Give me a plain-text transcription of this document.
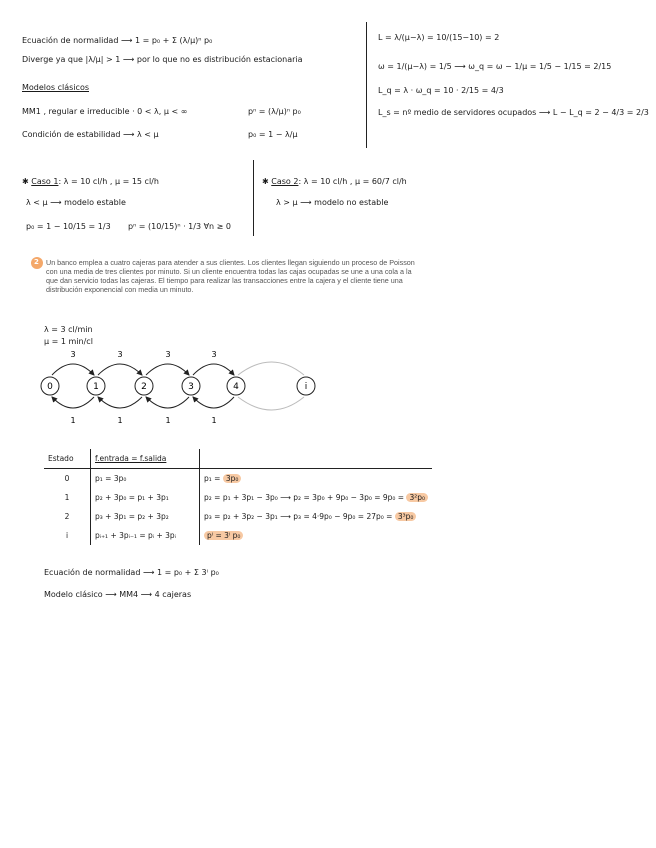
Ecuación de normalidad ⟶ 1 = p₀ + Σ (λ/μ)ⁿ p₀
Diverge ya que |λ/μ| > 1 ⟶ por lo que no es distribución estacionaria
Modelos clásicos
MM1 , regular e irreducible · 0 < λ, μ < ∞	pⁿ = (λ/μ)ⁿ p₀
Condición de estabilidad ⟶ λ < μ	p₀ = 1 − λ/μ
L = λ/(μ−λ) = 10/(15−10) = 2
ω = 1/(μ−λ) = 1/5 ⟶ ω_q = ω − 1/μ = 1/5 − 1/15 = 2/15
L_q = λ · ω_q = 10 · 2/15 = 4/3
L_s = nº medio de servidores ocupados ⟶ L − L_q = 2 − 4/3 = 2/3
✱ Caso 1: λ = 10 cl/h , μ = 15 cl/h
λ < μ ⟶ modelo estable
p₀ = 1 − 10/15 = 1/3 pⁿ = (10/15)ⁿ · 1/3 ∀n ≥ 0
✱ Caso 2: λ = 10 cl/h , μ = 60/7 cl/h
λ > μ ⟶ modelo no estable
2 Un banco emplea a cuatro cajeras para atender a sus clientes. Los clientes llegan siguiendo un proceso de Poisson con una media de tres clientes por minuto. Si un cliente encuentra todas las cajas ocupadas se une a una cola a la que dan servicio todas las cajeras. El tiempo para realizar las transacciones entre la cajera y el cliente tiene una distribución exponencial con media un minuto.
λ = 3 cl/min
μ = 1 min/cl
0	1	2	3	4	i
3	3	3	3
1	1	1	1
Estado	f.entrada = f.salida	
0	p₁ = 3p₀	p₁ = 3p₀
1	p₂ + 3p₀ = p₁ + 3p₁	p₂ = p₁ + 3p₁ − 3p₀ ⟶ p₂ = 3p₀ + 9p₀ − 3p₀ = 9p₀ = 3²p₀
2	p₃ + 3p₁ = p₂ + 3p₂	p₃ = p₂ + 3p₂ − 3p₁ ⟶ p₃ = 4·9p₀ − 9p₀ = 27p₀ = 3³p₀
i	pᵢ₊₁ + 3pᵢ₋₁ = pᵢ + 3pᵢ	pⁱ = 3ⁱ p₀
Ecuación de normalidad ⟶ 1 = p₀ + Σ 3ⁱ p₀
Modelo clásico ⟶ MM4 ⟶ 4 cajeras
